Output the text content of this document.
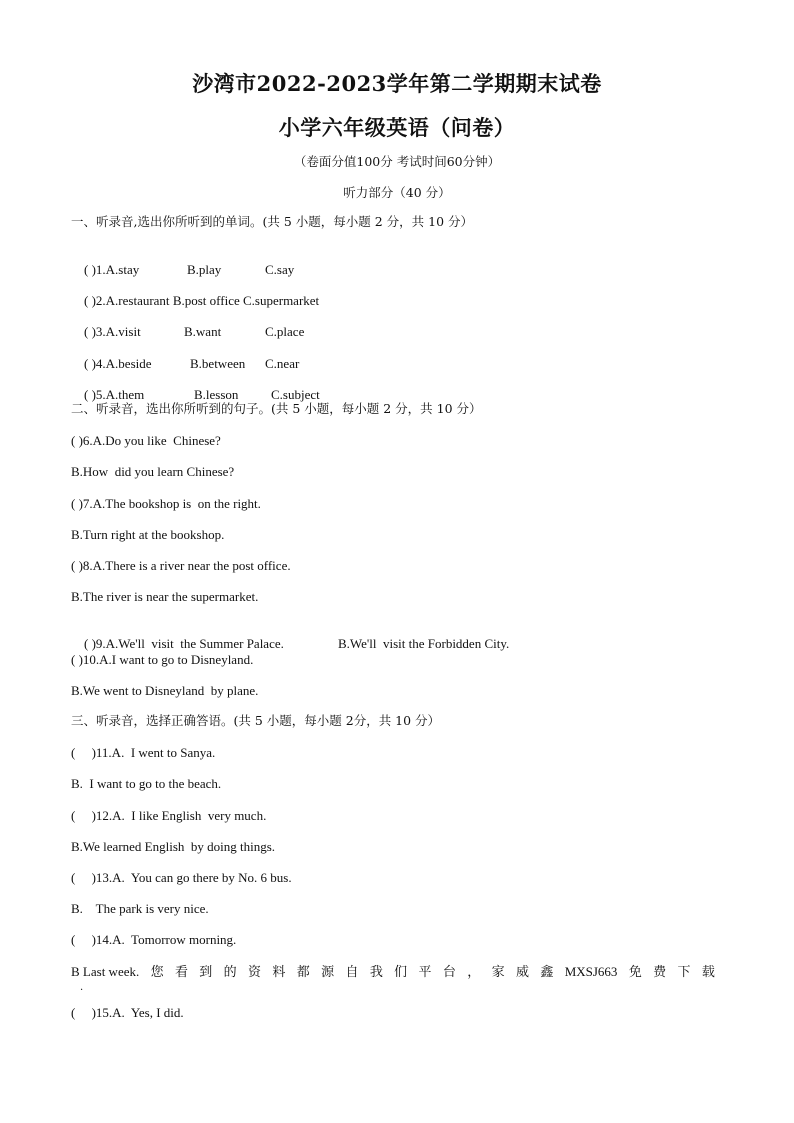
沙湾市2022-2023学年第二学期期末试卷
小学六年级英语（问卷）
（卷面分值100分 考试时间60分钟）
听力部分（40 分）
一、听录音,选出你所听到的单词。(共 5 小题，每小题 2 分，共 10 分）

( )1.A.stay	B.play	C.say

( )2.A.restaurant B.post office C.supermarket

( )3.A.visit	B.want	C.place

( )4.A.beside	B.between C.near

( )5.A.them	B.lesson	C.subject

二、听录音，选出你所听到的句子。(共 5 小题，每小题 2 分，共 10 分）
( )6.A.Do you like  Chinese?
B.How  did you learn Chinese?
( )7.A.The bookshop is  on the right.
B.Turn right at the bookshop.
( )8.A.There is a river near the post office.
B.The river is near the supermarket.

( )9.A.We'll  visit  the Summer Palace.	B.We'll  visit the Forbidden City.

( )10.A.I want to go to Disneyland.
B.We went to Disneyland  by plane.
三、听录音，选择正确答语。(共 5 小题，每小题 2分，共 10 分）
(     )11.A.  I went to Sanya.
B.  I want to go to the beach.
(     )12.A.  I like English  very much.
B.We learned English  by doing things.
(     )13.A.  You can go there by No. 6 bus.
B.    The park is very nice.
(     )14.A.  Tomorrow morning.
B Last week. 您 看 到 的 资 料 都 源 自 我 们 平 台 ， 家 威 鑫 MXSJ663 免 费 下 载
.
(     )15.A.  Yes, I did.
